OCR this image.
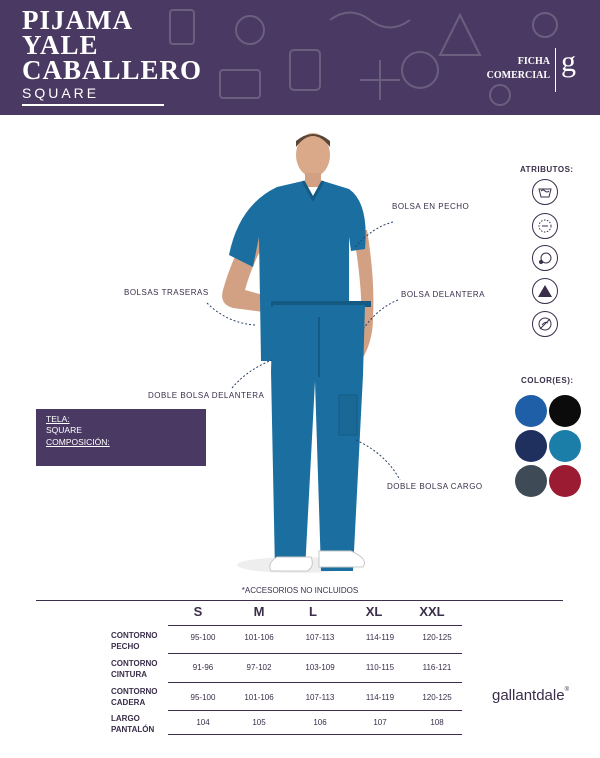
PIJAMA
YALE
CABALLERO
SQUARE
FICHA
COMERCIAL g
BOLSA EN PECHO
BOLSAS TRASERAS	BOLSA DELANTERA
DOBLE BOLSA DELANTERA
DOBLE BOLSA CARGO
ATRIBUTOS:
COLOR(ES):
TELA:
SQUARE
COMPOSICIÓN:
*ACCESORIOS NO INCLUIDOS
S	M	L	XL	XXL
CONTORNO
PECHO
95-100	101-106	107-113	114-119	120-125
CONTORNO
CINTURA
91-96	97-102	103-109	110-115	116-121
CONTORNO
CADERA
95-100	101-106	107-113	114-119	120-125
LARGO
PANTALÓN
104	105	106	107	108
gallantdale®
